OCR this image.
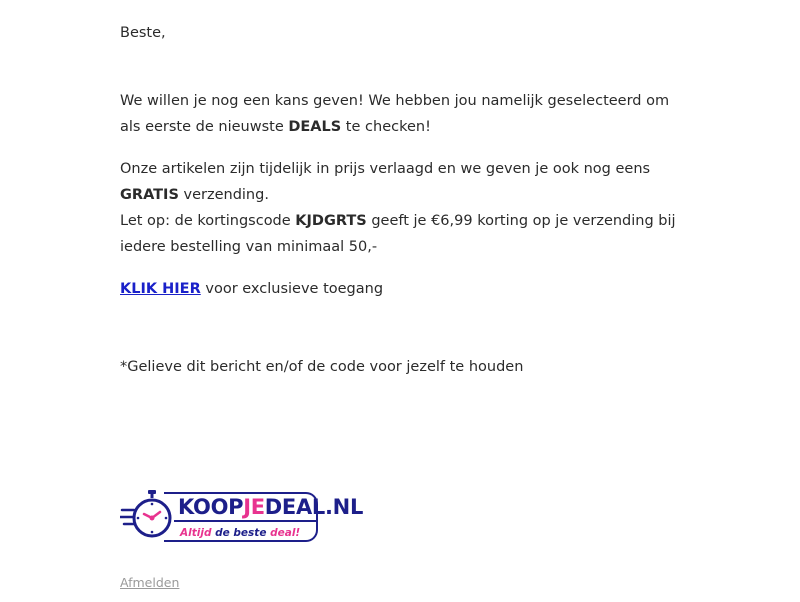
Beste,

We willen je nog een kans geven! We hebben jou namelijk geselecteerd om als eerste de nieuwste DEALS te checken!

Onze artikelen zijn tijdelijk in prijs verlaagd en we geven je ook nog eens GRATIS verzending.

Let op: de kortingscode KJDGRTS geeft je €6,99 korting op je verzending bij iedere bestelling van minimaal 50,-

KLIK HIER voor exclusieve toegang

*Gelieve dit bericht en/of de code voor jezelf te houden

KOOPJEDEAL.NL
Altijd de beste deal!
Afmelden
